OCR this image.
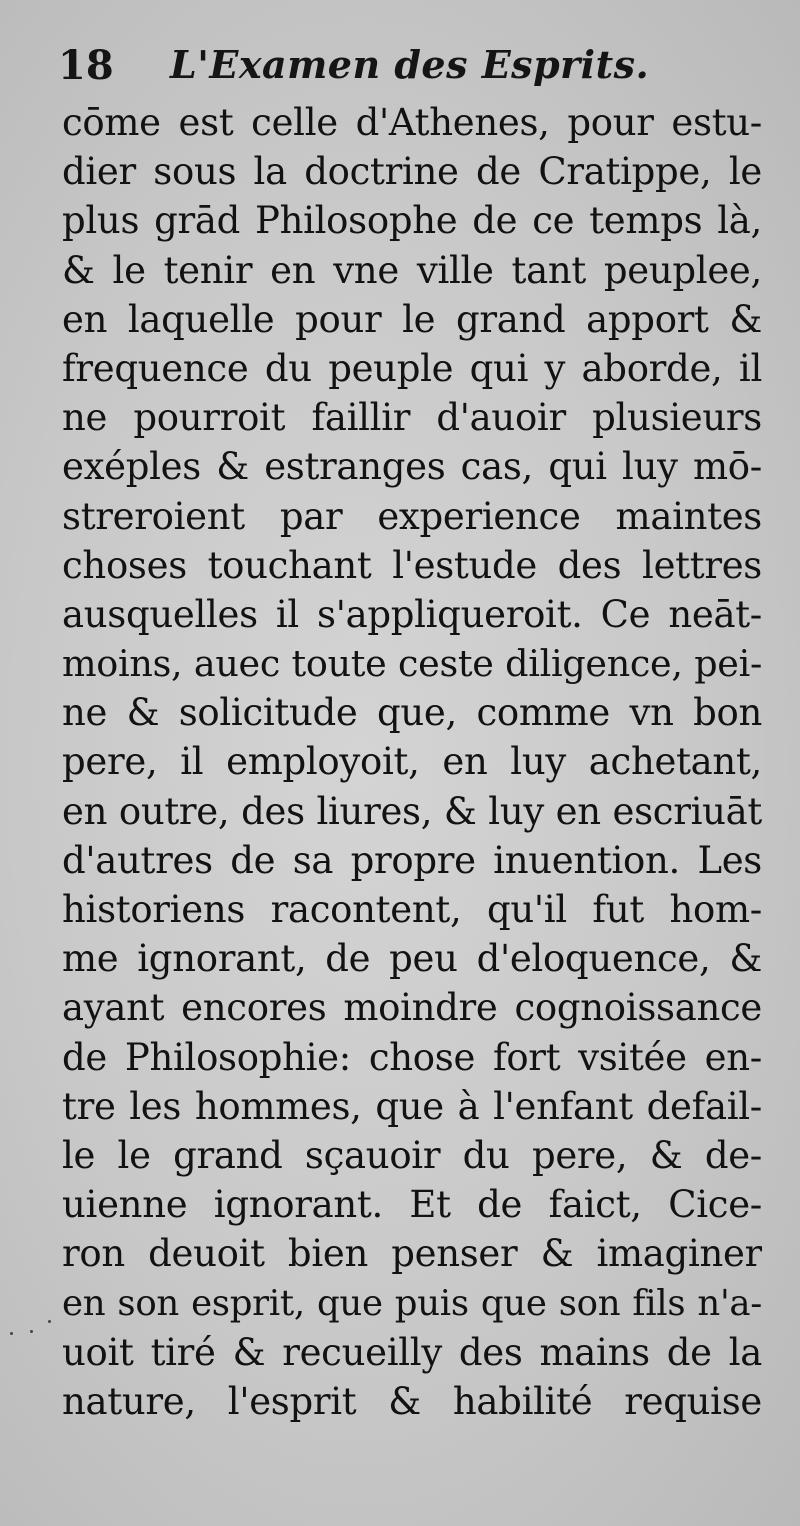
18 L'Examen des Esprits.
cōme est celle d'Athenes, pour estu-
dier sous la doctrine de Cratippe, le
plus grād Philosophe de ce temps là,
& le tenir en vne ville tant peuplee,
en laquelle pour le grand apport &
frequence du peuple qui y aborde, il
ne pourroit faillir d'auoir plusieurs
exéples & estranges cas, qui luy mō-
streroient par experience maintes
choses touchant l'estude des lettres
ausquelles il s'appliqueroit. Ce neāt-
moins, auec toute ceste diligence, pei-
ne & solicitude que, comme vn bon
pere, il employoit, en luy achetant,
en outre, des liures, & luy en escriuāt
d'autres de sa propre inuention. Les
historiens racontent, qu'il fut hom-
me ignorant, de peu d'eloquence, &
ayant encores moindre cognoissance
de Philosophie: chose fort vsitée en-
tre les hommes, que à l'enfant defail-
le le grand sçauoir du pere, & de-
uienne ignorant. Et de faict, Cice-
ron deuoit bien penser & imaginer
en son esprit, que puis que son fils n'a-
uoit tiré & recueilly des mains de la
nature, l'esprit & habilité requise
